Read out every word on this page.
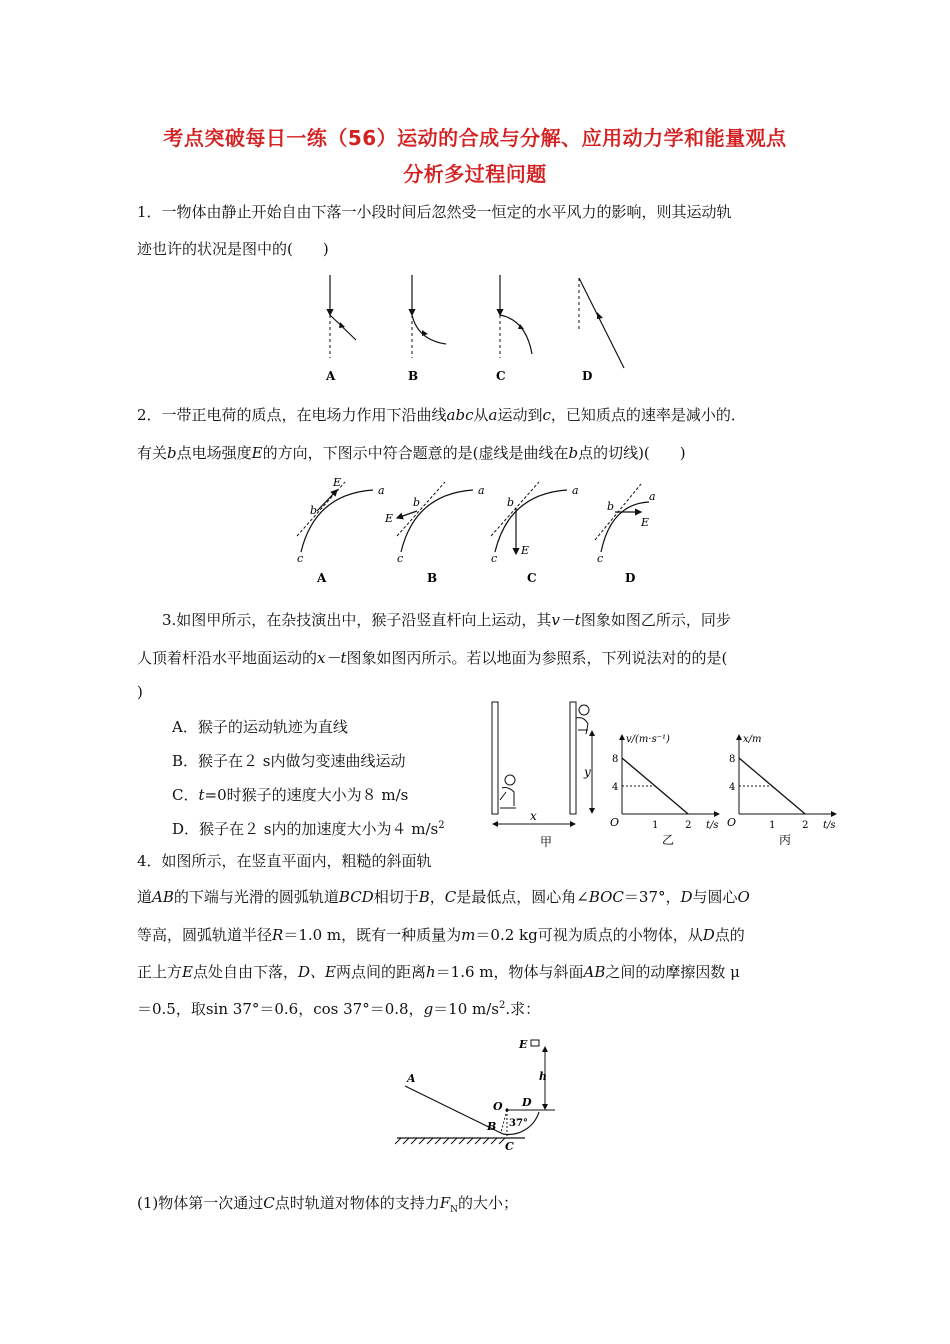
考点突破每日一练（56）运动的合成与分解、应用动力学和能量观点
分析多过程问题
1．一物体由静止开始自由下落一小段时间后忽然受一恒定的水平风力的影响，则其运动轨
迹也许的状况是图中的(　　)
A	B	C	D
2．一带正电荷的质点，在电场力作用下沿曲线abc从a运动到c，已知质点的速率是减小的．
有关b点电场强度E的方向，下图示中符合题意的是(虚线是曲线在b点的切线)(　　)
E
a
b
c
E
a
b
c
E
a
b
c
E
a
b
c
A	B	C	D
3.如图甲所示，在杂技演出中，猴子沿竖直杆向上运动，其v－t图象如图乙所示，同步
人顶着杆沿水平地面运动的x－t图象如图丙所示。若以地面为参照系，下列说法对的的是(
)
A．猴子的运动轨迹为直线
B．猴子在２ s内做匀变速曲线运动
C．t=0时猴子的速度大小为８ m/s
D．猴子在２ s内的加速度大小为４ $m/s^2$
y
x
甲
v/(m·s⁻¹)
t/s
O
4
8
1	2
乙
x/m
t/s
O
4
8
1	2
丙
4．如图所示，在竖直平面内，粗糙的斜面轨
道AB的下端与光滑的圆弧轨道BCD相切于B，C是最低点，圆心角∠BOC＝37°，D与圆心O
等高，圆弧轨道半径R＝1.0 m，既有一种质量为m＝0.2 kg可视为质点的小物体，从D点的
正上方E点处自由下落，D、E两点间的距离h＝1.6 m，物体与斜面AB之间的动摩擦因数 μ
＝0.5，取sin 37°＝0.6，cos 37°＝0.8，g＝10 $m/s^2$.求：
E
h
A
O D
B
C
37°
(1)物体第一次通过C点时轨道对物体的支持力$F_N$的大小；
